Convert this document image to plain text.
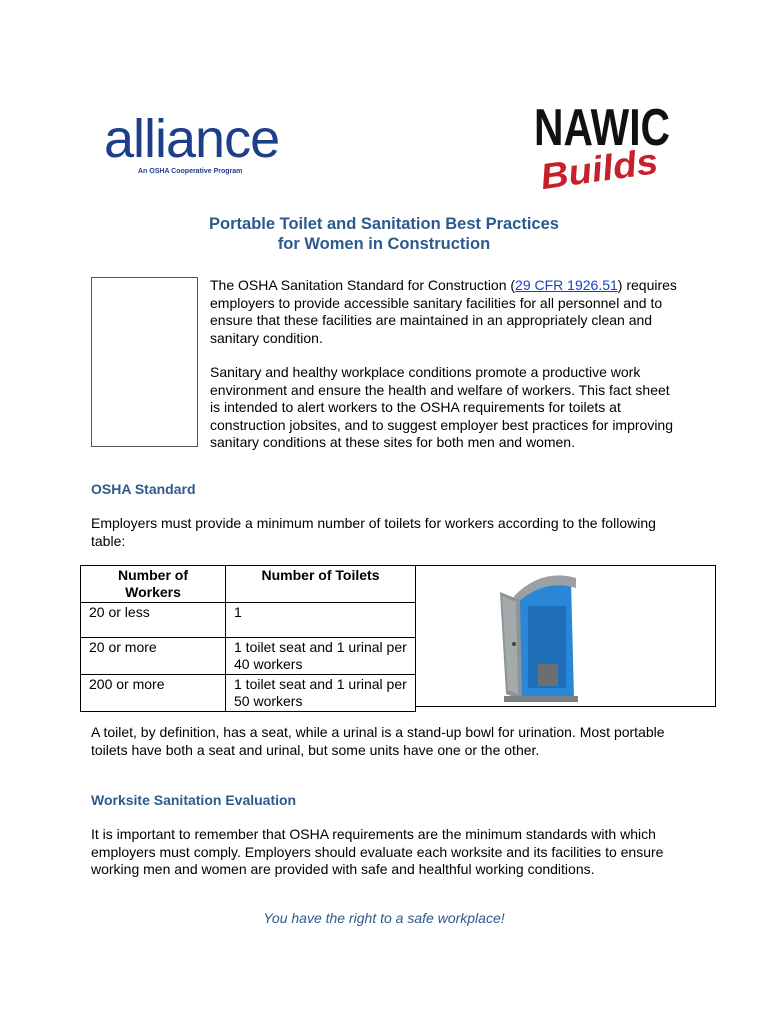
alliance
An OSHA Cooperative Program
NAWIC
Builds
Portable Toilet and Sanitation Best Practices
for Women in Construction

The OSHA Sanitation Standard for Construction (29 CFR 1926.51) requires employers to provide accessible sanitary facilities for all personnel and to ensure that these facilities are maintained in an appropriately clean and sanitary condition.

Sanitary and healthy workplace conditions promote a productive work environment and ensure the health and welfare of workers. This fact sheet is intended to alert workers to the OSHA requirements for toilets at construction jobsites, and to suggest employer best practices for improving sanitary conditions at these sites for both men and women.

OSHA Standard
Employers must provide a minimum number of toilets for workers according to the following table:
Number of Workers	Number of Toilets
20 or less	1
20 or more	1 toilet seat and 1 urinal per 40 workers
200 or more	1 toilet seat and 1 urinal per 50 workers
A toilet, by definition, has a seat, while a urinal is a stand-up bowl for urination. Most portable toilets have both a seat and urinal, but some units have one or the other.
Worksite Sanitation Evaluation
It is important to remember that OSHA requirements are the minimum standards with which employers must comply. Employers should evaluate each worksite and its facilities to ensure working men and women are provided with safe and healthful working conditions.
You have the right to a safe workplace!
